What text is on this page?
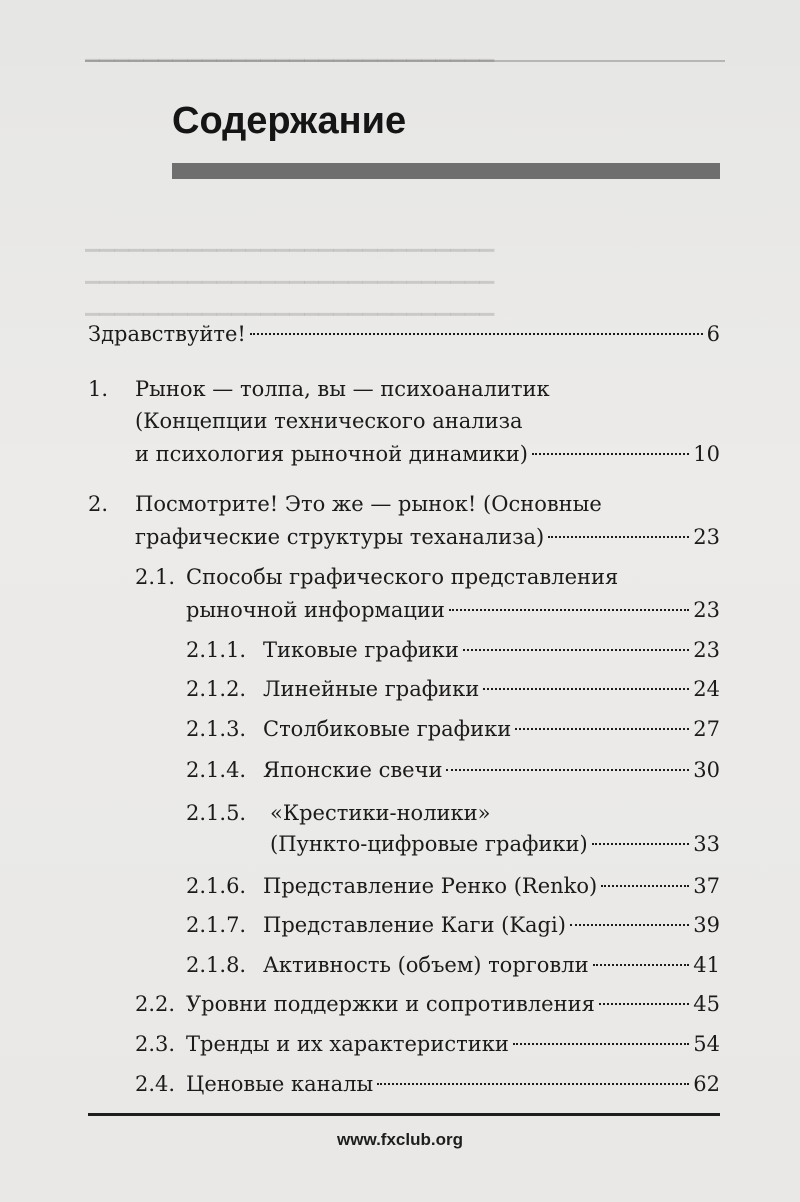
▁▁▁▁▁▁▁▁▁▁▁▁▁▁▁▁▁▁▁▁▁▁▁▁▁▁▁▁
▁▁▁▁▁▁▁▁▁▁▁▁▁▁▁▁▁▁▁▁▁▁▁▁▁▁▁▁
▁▁▁▁▁▁▁▁▁▁▁▁▁▁▁▁▁▁▁▁▁▁▁▁▁▁▁▁
▁▁▁▁▁▁▁▁▁▁▁▁▁▁▁▁▁▁▁▁▁▁▁▁▁▁▁▁
Содержание
Здравствуйте!	6
1. Рынок — толпа, вы — психоаналитик
(Концепции технического анализа
и психология рыночной динамики)	10
2. Посмотрите! Это же — рынок! (Основные
графические структуры теханализа)	23
2.1. Способы графического представления
рыночной информации	23
2.1.1. Тиковые графики	23
2.1.2. Линейные графики	24
2.1.3. Столбиковые графики	27
2.1.4. Японские свечи	30
2.1.5. «Крестики-нолики»
(Пункто-цифровые графики)	33
2.1.6. Представление Ренко (Renko)	37
2.1.7. Представление Каги (Kagi)	39
2.1.8. Активность (объем) торговли	41
2.2. Уровни поддержки и сопротивления	45
2.3. Тренды и их характеристики	54
2.4. Ценовые каналы	62
www.fxclub.org
